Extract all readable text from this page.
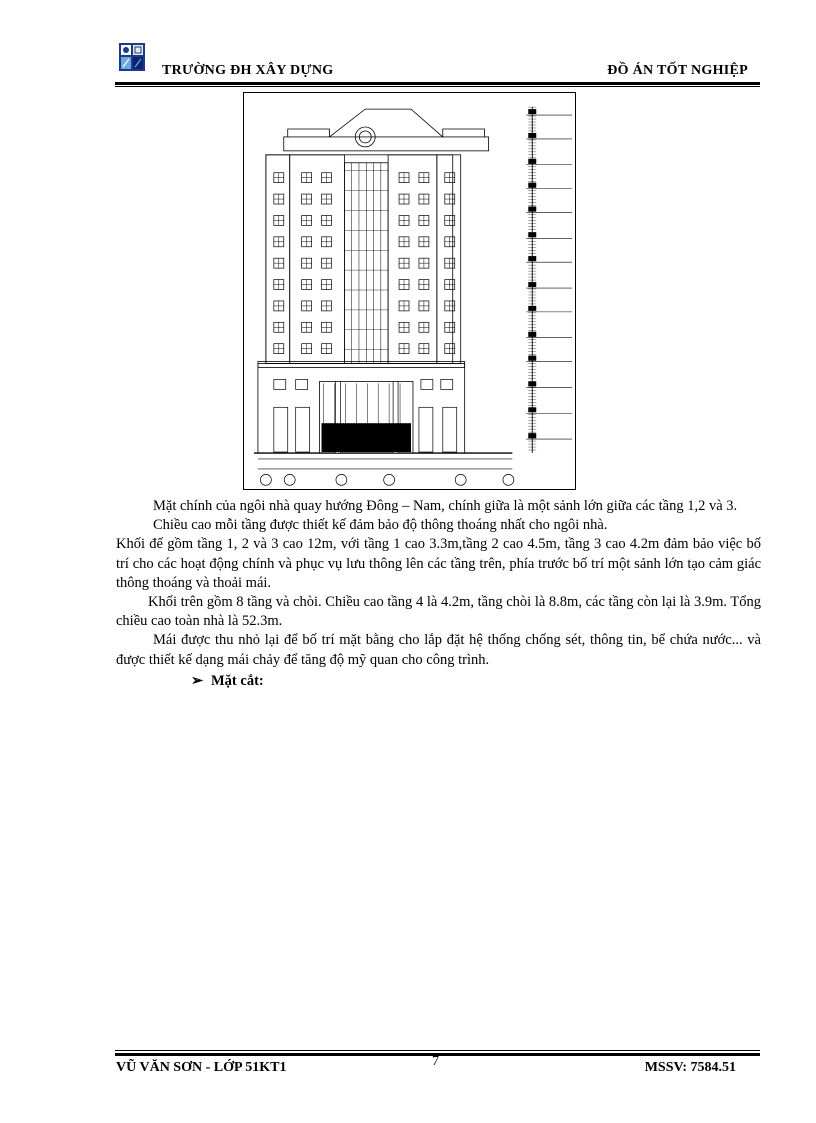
TRƯỜNG ĐH XÂY DỰNG	ĐỒ ÁN TỐT NGHIỆP

Mặt chính của ngôi nhà quay hướng Đông – Nam, chính giữa là một sảnh lớn giữa các tầng 1,2 và 3.

Chiều cao mỗi tầng được thiết kế đảm bảo độ thông thoáng nhất cho ngôi nhà.

Khối đế gồm tầng 1, 2 và 3 cao 12m, với tầng 1 cao 3.3m,tầng 2 cao 4.5m, tầng 3 cao 4.2m đảm bảo việc bố trí cho các hoạt động chính và phục vụ lưu thông lên các tầng trên, phía trước bố trí một sảnh lớn tạo cảm giác thông thoáng và thoải mái.

Khối trên gồm 8 tầng và chòi. Chiều cao tầng 4 là 4.2m, tầng chòi là 8.8m, các tầng còn lại là 3.9m. Tổng chiều cao toàn nhà là 52.3m.

Mái được thu nhỏ lại để bố trí mặt bằng cho lắp đặt hệ thống chống sét, thông tin, bể chứa nước... và được thiết kế dạng mái chảy để tăng độ mỹ quan cho công trình.

➢ Mặt cắt:

VŨ VĂN SƠN - LỚP 51KT1	7	MSSV: 7584.51
